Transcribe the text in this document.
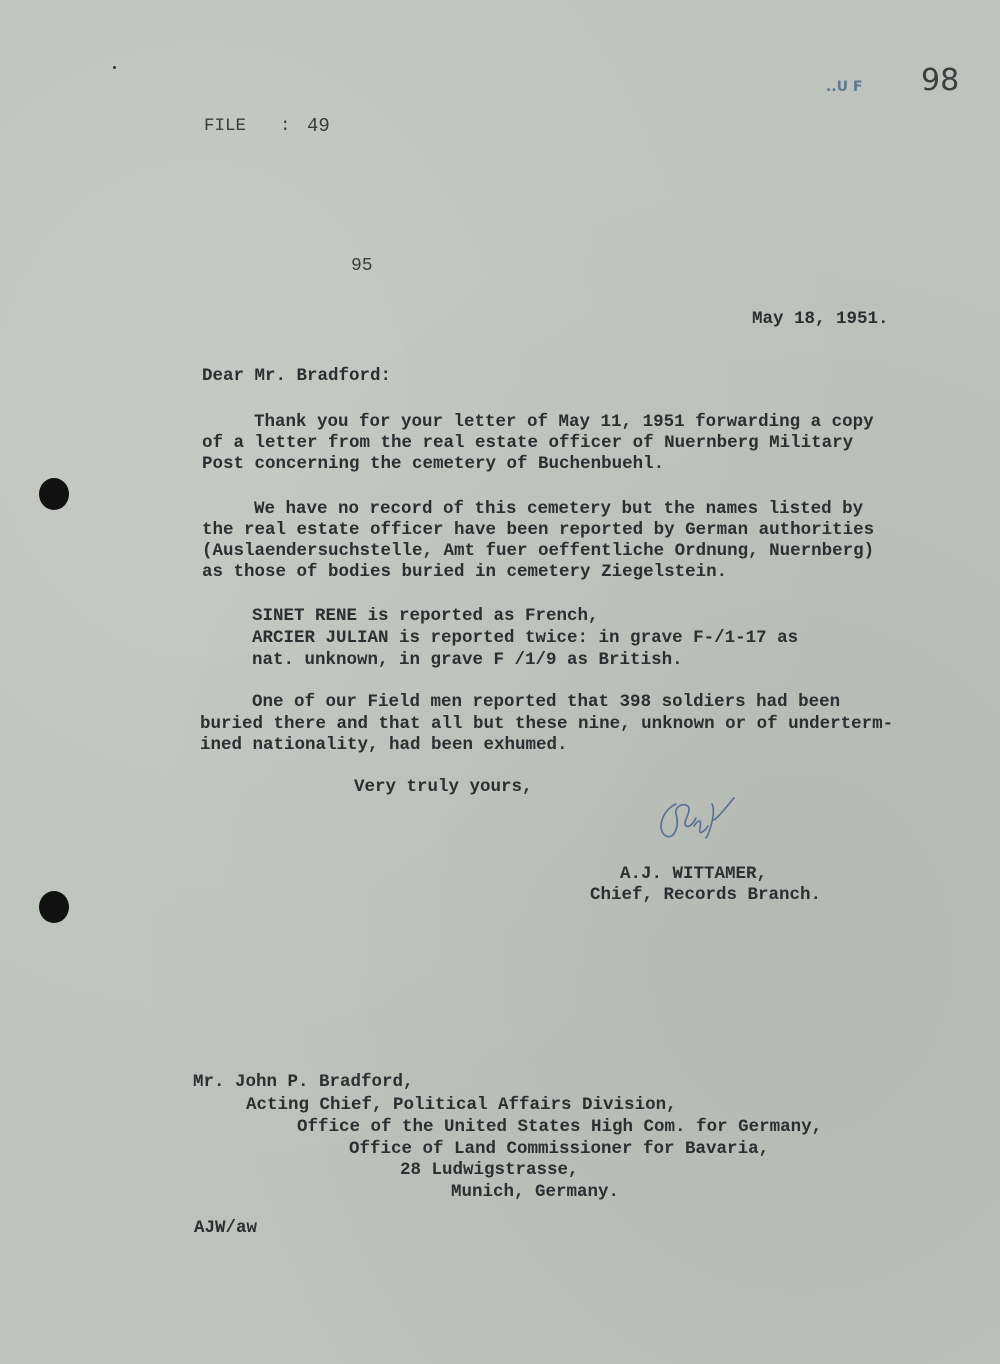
FILE : 49
..U F 98
95
May 18, 1951.
Dear Mr. Bradford:
Thank you for your letter of May 11, 1951 forwarding a copy
of a letter from the real estate officer of Nuernberg Military
Post concerning the cemetery of Buchenbuehl.
We have no record of this cemetery but the names listed by
the real estate officer have been reported by German authorities
(Auslaendersuchstelle, Amt fuer oeffentliche Ordnung, Nuernberg)
as those of bodies buried in cemetery Ziegelstein.
SINET RENE is reported as French,
ARCIER JULIAN is reported twice: in grave F-/1-17 as
nat. unknown, in grave F /1/9 as British.
One of our Field men reported that 398 soldiers had been
buried there and that all but these nine, unknown or of underterm-
ined nationality, had been exhumed.
Very truly yours,
A.J. WITTAMER,
Chief, Records Branch.
Mr. John P. Bradford,
Acting Chief, Political Affairs Division,
Office of the United States High Com. for Germany,
Office of Land Commissioner for Bavaria,
28 Ludwigstrasse,
Munich, Germany.
AJW/aw
